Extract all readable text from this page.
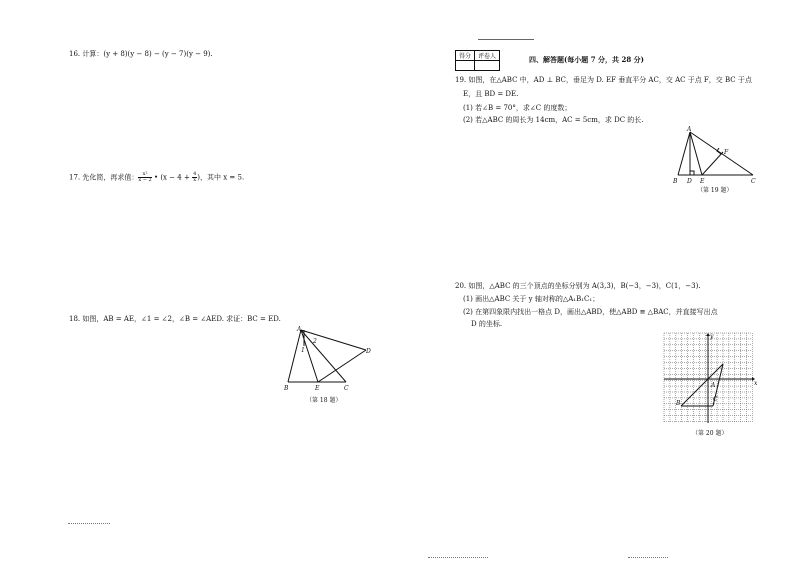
16. 计算：(y + 8)(y − 8) − (y − 7)(y − 9).
17. 先化简，再求值： $\frac{\text{x²}}{x - 2}$ • ($x - 4 + \frac{4}{x}$ )，其中 x = 5.
18. 如图，AB = AE，∠1 = ∠2，∠B = ∠AED. 求证：BC = ED.
A
B	C
D
E
1
2
（第 18 题）
得分	评卷人
		四、解答题(每小题 7 分，共 28 分)
19. 如图，在△ABC 中，AD ⊥ BC，垂足为 D. EF 垂直平分 AC，交 AC 于点 F，交 BC 于点
E，且 BD = DE.
(1) 若∠B = 70°，求∠C 的度数；
(2) 若△ABC 的周长为 14cm，AC = 5cm，求 DC 的长.
A
B	C
D E
F
（第 19 题）
20. 如图，△ABC 的三个顶点的坐标分别为 A(3,3)，B(−3，−3)，C(1，−3).
(1) 画出△ABC 关于 y 轴对称的△A₁B₁C₁；
(2) 在第四象限内找出一格点 D，画出△ABD，使△ABD ≌ △BAC，并直接写出点
D 的坐标.
y
x
A
B
C
（第 20 题）
